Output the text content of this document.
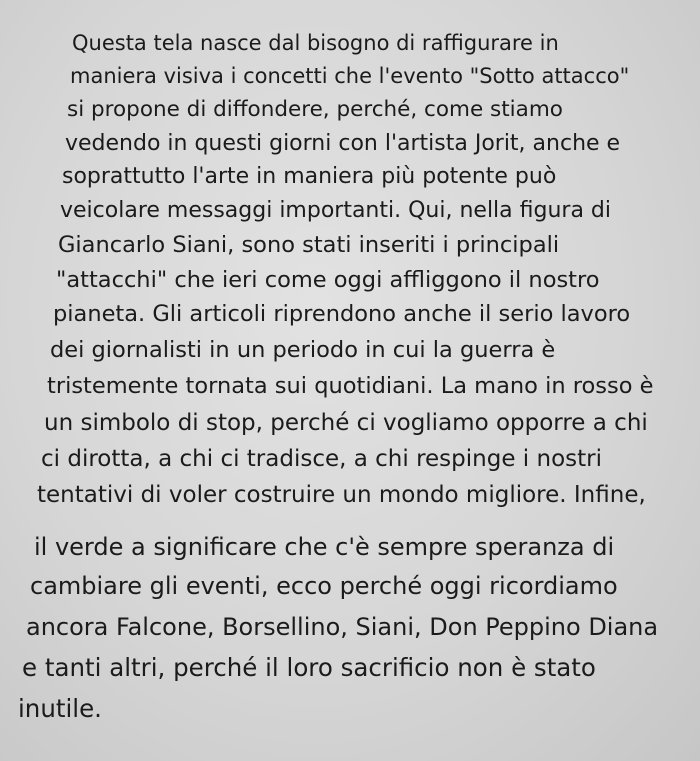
Questa tela nasce dal bisogno di raffigurare in
maniera visiva i concetti che l'evento "Sotto attacco"
si propone di diffondere, perché, come stiamo
vedendo in questi giorni con l'artista Jorit, anche e
soprattutto l'arte in maniera più potente può
veicolare messaggi importanti. Qui, nella figura di
Giancarlo Siani, sono stati inseriti i principali
"attacchi" che ieri come oggi affliggono il nostro
pianeta. Gli articoli riprendono anche il serio lavoro
dei giornalisti in un periodo in cui la guerra è
tristemente tornata sui quotidiani. La mano in rosso è
un simbolo di stop, perché ci vogliamo opporre a chi
ci dirotta, a chi ci tradisce, a chi respinge i nostri
tentativi di voler costruire un mondo migliore. Infine,
il verde a significare che c'è sempre speranza di
cambiare gli eventi, ecco perché oggi ricordiamo
ancora Falcone, Borsellino, Siani, Don Peppino Diana
e tanti altri, perché il loro sacrificio non è stato
inutile.
